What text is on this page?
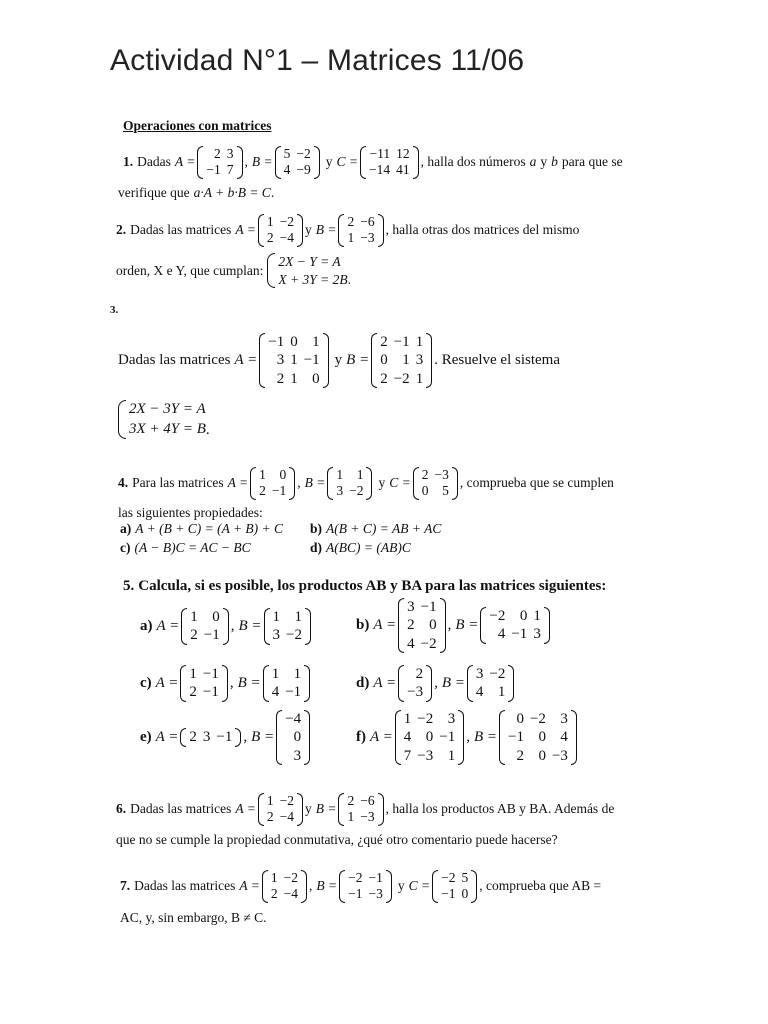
Actividad N°1 – Matrices 11/06
Operaciones con matrices
1. Dadas A =
2	3
−1	7
, B =
5	−2
4	−9
y C =
−11	12
−14	41
, halla dos números a y b para que se
verifique que a·A + b·B = C .
2. Dadas las matrices A =
1	−2
2	−4
y B =
2	−6
1	−3
, halla otras dos matrices del mismo
orden, X e Y, que cumplan:
2X − Y = A
X + 3Y = 2B .
3.
Dadas las matrices A =
−1	0	1
3	1	−1
2	1	0
y B =
2	−1	1
0	1	3
2	−2	1
. Resuelve el sistema
2X − 3Y = A
3X + 4Y = B .
4. Para las matrices A =
1	0
2	−1
, B =
1	1
3	−2
y C =
2	−3
0	5
, comprueba que se cumplen
las siguientes propiedades:
a) A + (B + C) = (A + B) + C b) A(B + C) = AB + AC
c) (A − B)C = AC − BC	d) A(BC) = (AB)C
5. Calcula, si es posible, los productos AB y BA para las matrices siguientes:
a) A =
1	0
2	−1
, B =
1	1
3	−2
b) A =
3	−1
2	0
4	−2
, B =
−2	0	1
4	−1	3
c) A =
1	−1
2	−1
, B =
1	1
4	−1
d) A =
2
−3
, B =
3	−2
4	1
e) A = 2	3	−1 , B =
−4
0
3
f) A =
1	−2	3
4	0	−1
7	−3	1
, B =
0	−2	3
−1	0	4
2	0	−3
6. Dadas las matrices A =
1	−2
2	−4
y B =
2	−6
1	−3
, halla los productos AB y BA. Además de
que no se cumple la propiedad conmutativa, ¿qué otro comentario puede hacerse?
7. Dadas las matrices A =
1	−2
2	−4
, B =
−2	−1
−1	−3
y C =
−2	5
−1	0
, comprueba que AB =
AC, y, sin embargo, B ≠ C.
